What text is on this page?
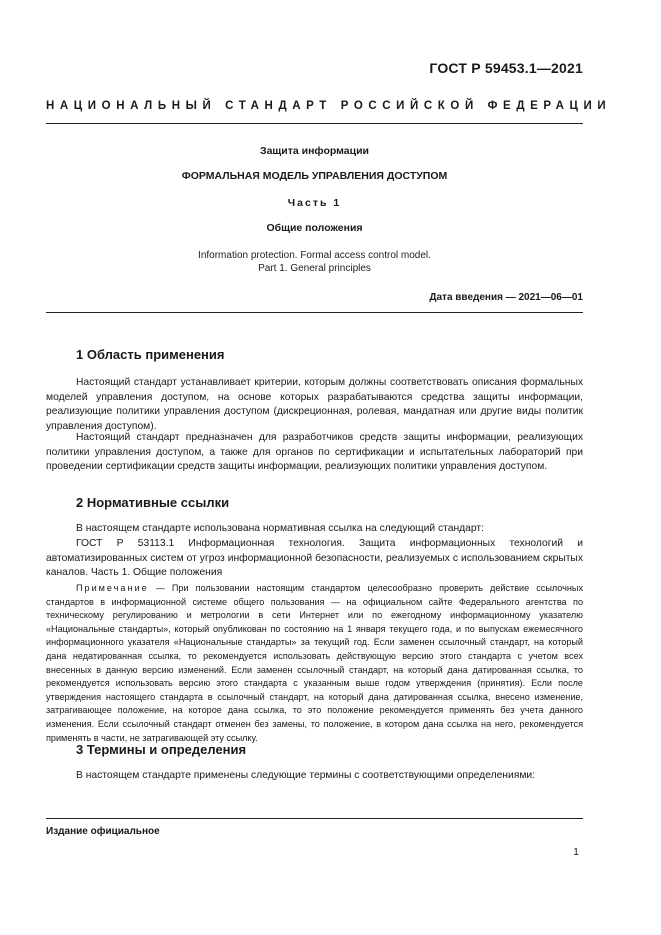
ГОСТ Р 59453.1—2021
НАЦИОНАЛЬНЫЙ СТАНДАРТ РОССИЙСКОЙ ФЕДЕРАЦИИ
Защита информации
ФОРМАЛЬНАЯ МОДЕЛЬ УПРАВЛЕНИЯ ДОСТУПОМ
Часть 1
Общие положения
Information protection. Formal access control model.
Part 1. General principles
Дата введения — 2021—06—01
1 Область применения

Настоящий стандарт устанавливает критерии, которым должны соответствовать описания формальных моделей управления доступом, на основе которых разрабатываются средства защиты информации, реализующие политики управления доступом (дискреционная, ролевая, мандатная или другие виды политик управления доступом).

Настоящий стандарт предназначен для разработчиков средств защиты информации, реализующих политики управления доступом, а также для органов по сертификации и испытательных лабораторий при проведении сертификации средств защиты информации, реализующих политики управления доступом.

2 Нормативные ссылки

В настоящем стандарте использована нормативная ссылка на следующий стандарт:

ГОСТ Р 53113.1 Информационная технология. Защита информационных технологий и автоматизированных систем от угроз информационной безопасности, реализуемых с использованием скрытых каналов. Часть 1. Общие положения

Примечание — При пользовании настоящим стандартом целесообразно проверить действие ссылочных стандартов в информационной системе общего пользования — на официальном сайте Федерального агентства по техническому регулированию и метрологии в сети Интернет или по ежегодному информационному указателю «Национальные стандарты», который опубликован по состоянию на 1 января текущего года, и по выпускам ежемесячного информационного указателя «Национальные стандарты» за текущий год. Если заменен ссылочный стандарт, на который дана недатированная ссылка, то рекомендуется использовать действующую версию этого стандарта с учетом всех внесенных в данную версию изменений. Если заменен ссылочный стандарт, на который дана датированная ссылка, то рекомендуется использовать версию этого стандарта с указанным выше годом утверждения (принятия). Если после утверждения настоящего стандарта в ссылочный стандарт, на который дана датированная ссылка, внесено изменение, затрагивающее положение, на которое дана ссылка, то это положение рекомендуется применять без учета данного изменения. Если ссылочный стандарт отменен без замены, то положение, в котором дана ссылка на него, рекомендуется применять в части, не затрагивающей эту ссылку.

3 Термины и определения

В настоящем стандарте применены следующие термины с соответствующими определениями:

Издание официальное
1
